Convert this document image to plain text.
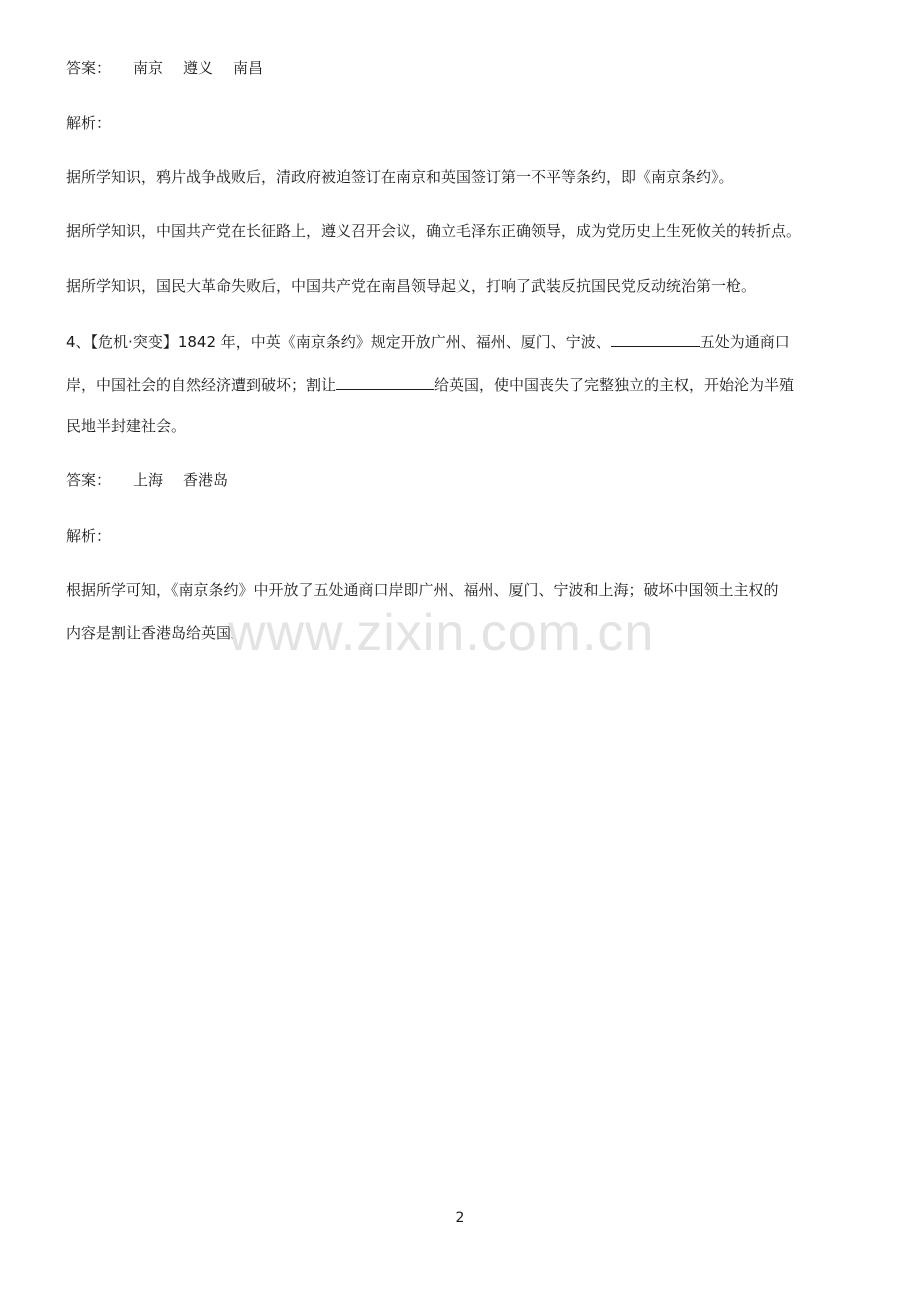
答案： 南京 遵义 南昌
解析：
据所学知识，鸦片战争战败后，清政府被迫签订在南京和英国签订第一不平等条约，即《南京条约》。
据所学知识，中国共产党在长征路上，遵义召开会议，确立毛泽东正确领导，成为党历史上生死攸关的转折点。
据所学知识，国民大革命失败后，中国共产党在南昌领导起义，打响了武装反抗国民党反动统治第一枪。
4、【危机·突变】1842 年，中英《南京条约》规定开放广州、福州、厦门、宁波、	五处为通商口
岸，中国社会的自然经济遭到破坏；割让	给英国，使中国丧失了完整独立的主权，开始沦为半殖
民地半封建社会。
答案： 上海 香港岛
解析：
根据所学可知，《南京条约》中开放了五处通商口岸即广州、福州、厦门、宁波和上海；破坏中国领土主权的
内容是割让香港岛给英国。
www.zixin.com.cn
2
